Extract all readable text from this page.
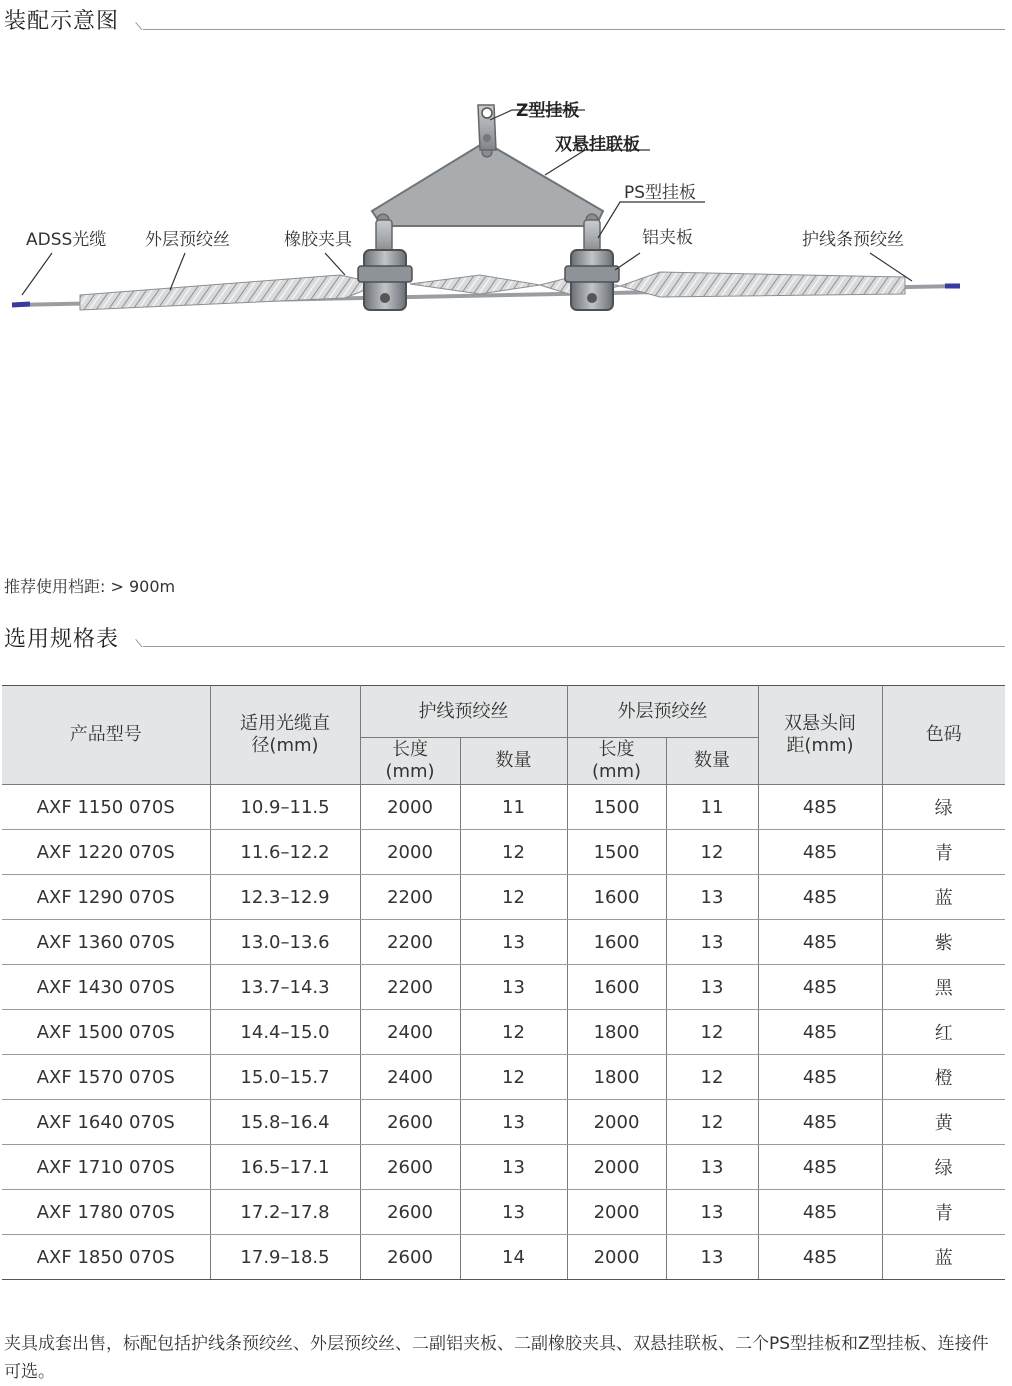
装配示意图
Z型挂板
双悬挂联板
PS型挂板
ADSS光缆 外层预绞丝	橡胶夹具	铝夹板	护线条预绞丝
推荐使用档距: > 900m
选用规格表
产品型号	适用光缆直径(mm)	护线预绞丝		外层预绞丝		双悬头间距(mm)	色码
		长度(mm)	数量	长度(mm)	数量		
AXF 1150 070S	10.9–11.5	2000	11	1500	11	485	绿
AXF 1220 070S	11.6–12.2	2000	12	1500	12	485	青
AXF 1290 070S	12.3–12.9	2200	12	1600	13	485	蓝
AXF 1360 070S	13.0–13.6	2200	13	1600	13	485	紫
AXF 1430 070S	13.7–14.3	2200	13	1600	13	485	黑
AXF 1500 070S	14.4–15.0	2400	12	1800	12	485	红
AXF 1570 070S	15.0–15.7	2400	12	1800	12	485	橙
AXF 1640 070S	15.8–16.4	2600	13	2000	12	485	黄
AXF 1710 070S	16.5–17.1	2600	13	2000	13	485	绿
AXF 1780 070S	17.2–17.8	2600	13	2000	13	485	青
AXF 1850 070S	17.9–18.5	2600	14	2000	13	485	蓝
夹具成套出售，标配包括护线条预绞丝、外层预绞丝、二副铝夹板、二副橡胶夹具、双悬挂联板、二个PS型挂板和Z型挂板、连接件可选。
